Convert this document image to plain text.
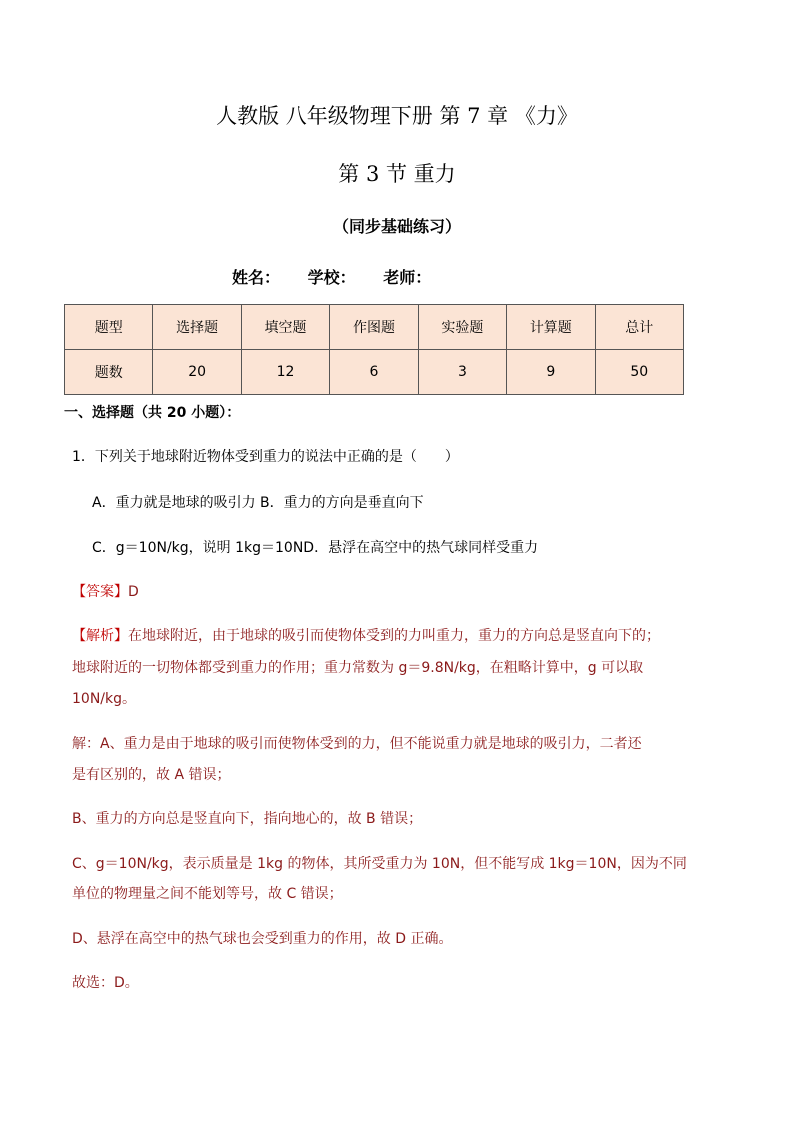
人教版 八年级物理下册 第 7 章 《力》
第 3 节 重力
（同步基础练习）
姓名： 学校： 老师：
题型	选择题	填空题	作图题	实验题	计算题	总计
题数	20	12	6	3	9	50
一、选择题（共 20 小题）：
1．下列关于地球附近物体受到重力的说法中正确的是（　　）
A．重力就是地球的吸引力 B．重力的方向是垂直向下
C．g＝10N/kg，说明 1kg＝10ND．悬浮在高空中的热气球同样受重力
【答案】D
【解析】在地球附近，由于地球的吸引而使物体受到的力叫重力，重力的方向总是竖直向下的；
地球附近的一切物体都受到重力的作用；重力常数为 g＝9.8N/kg，在粗略计算中，g 可以取
10N/kg。
解：A、重力是由于地球的吸引而使物体受到的力，但不能说重力就是地球的吸引力，二者还
是有区别的，故 A 错误；
B、重力的方向总是竖直向下，指向地心的，故 B 错误；
C、g＝10N/kg，表示质量是 1kg 的物体，其所受重力为 10N，但不能写成 1kg＝10N，因为不同
单位的物理量之间不能划等号，故 C 错误；
D、悬浮在高空中的热气球也会受到重力的作用，故 D 正确。
故选：D。
